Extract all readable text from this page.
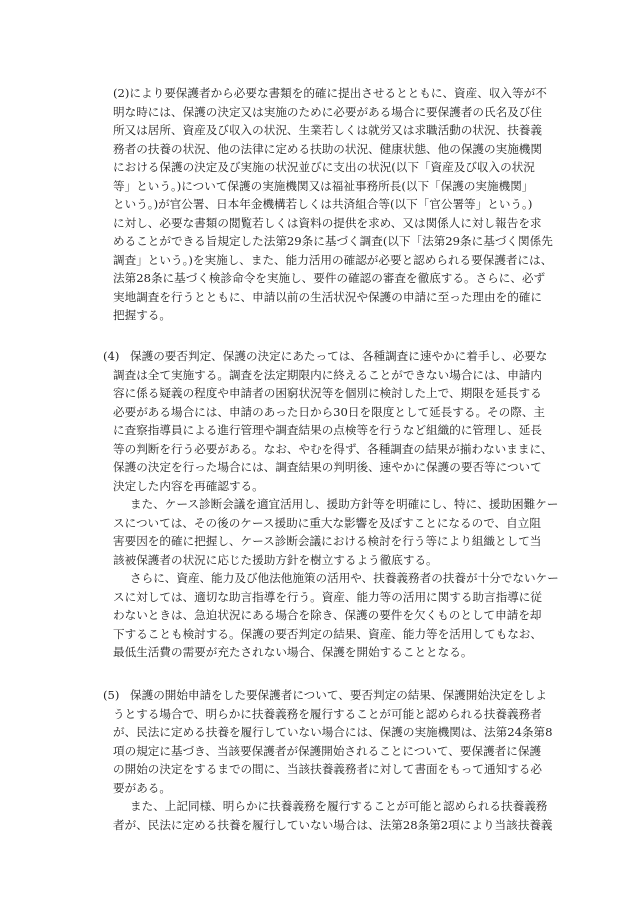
(2)により要保護者から必要な書類を的確に提出させるとともに、資産、収入等が不
明な時には、保護の決定又は実施のために必要がある場合に要保護者の氏名及び住
所又は居所、資産及び収入の状況、生業若しくは就労又は求職活動の状況、扶養義
務者の扶養の状況、他の法律に定める扶助の状況、健康状態、他の保護の実施機関
における保護の決定及び実施の状況並びに支出の状況(以下「資産及び収入の状況
等」という。)について保護の実施機関又は福祉事務所長(以下「保護の実施機関」
という。)が官公署、日本年金機構若しくは共済組合等(以下「官公署等」という。)
に対し、必要な書類の閲覧若しくは資料の提供を求め、又は関係人に対し報告を求
めることができる旨規定した法第29条に基づく調査(以下「法第29条に基づく関係先
調査」という。)を実施し、また、能力活用の確認が必要と認められる要保護者には、
法第28条に基づく検診命令を実施し、要件の確認の審査を徹底する。さらに、必ず
実地調査を行うとともに、申請以前の生活状況や保護の申請に至った理由を的確に
把握する。
(4) 保護の要否判定、保護の決定にあたっては、各種調査に速やかに着手し、必要な
調査は全て実施する。調査を法定期限内に終えることができない場合には、申請内
容に係る疑義の程度や申請者の困窮状況等を個別に検討した上で、期限を延長する
必要がある場合には、申請のあった日から30日を限度として延長する。その際、主
に査察指導員による進行管理や調査結果の点検等を行うなど組織的に管理し、延長
等の判断を行う必要がある。なお、やむを得ず、各種調査の結果が揃わないままに、
保護の決定を行った場合には、調査結果の判明後、速やかに保護の要否等について
決定した内容を再確認する。
また、ケース診断会議を適宜活用し、援助方針等を明確にし、特に、援助困難ケー
スについては、その後のケース援助に重大な影響を及ぼすことになるので、自立阻
害要因を的確に把握し、ケース診断会議における検討を行う等により組織として当
該被保護者の状況に応じた援助方針を樹立するよう徹底する。
さらに、資産、能力及び他法他施策の活用や、扶養義務者の扶養が十分でないケー
スに対しては、適切な助言指導を行う。資産、能力等の活用に関する助言指導に従
わないときは、急迫状況にある場合を除き、保護の要件を欠くものとして申請を却
下することも検討する。保護の要否判定の結果、資産、能力等を活用してもなお、
最低生活費の需要が充たされない場合、保護を開始することとなる。
(5) 保護の開始申請をした要保護者について、要否判定の結果、保護開始決定をしよ
うとする場合で、明らかに扶養義務を履行することが可能と認められる扶養義務者
が、民法に定める扶養を履行していない場合には、保護の実施機関は、法第24条第8
項の規定に基づき、当該要保護者が保護開始されることについて、要保護者に保護
の開始の決定をするまでの間に、当該扶養義務者に対して書面をもって通知する必
要がある。
また、上記同様、明らかに扶養義務を履行することが可能と認められる扶養義務
者が、民法に定める扶養を履行していない場合は、法第28条第2項により当該扶養義
